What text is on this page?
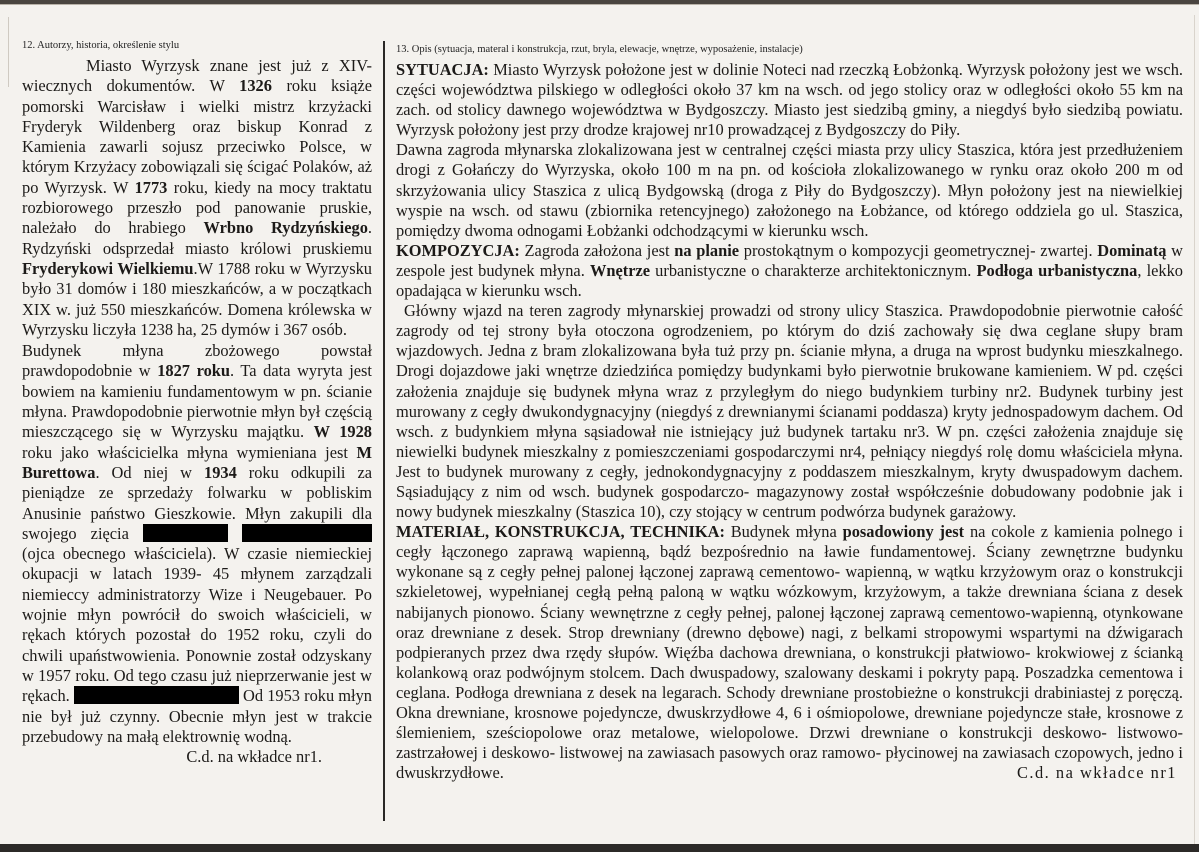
12. Autorzy, historia, określenie stylu

Miasto Wyrzysk znane jest już z XIV-wiecznych dokumentów. W 1326 roku książe pomorski Warcisław i wielki mistrz krzyżacki Fryderyk Wildenberg oraz biskup Konrad z Kamienia zawarli sojusz przeciwko Polsce, w którym Krzyżacy zobowiązali się ścigać Polaków, aż po Wyrzysk. W 1773 roku, kiedy na mocy traktatu rozbiorowego przeszło pod panowanie pruskie, należało do hrabiego Wrbno Rydzyńskiego. Rydzyński odsprzedał miasto królowi pruskiemu Fryderykowi Wielkiemu.W 1788 roku w Wyrzysku było 31 domów i 180 mieszkańców, a w początkach XIX w. już 550 mieszkańców. Domena królewska w Wyrzysku liczyła 1238 ha, 25 dymów i 367 osób.

Budynek młyna zbożowego powstał prawdopodobnie w 1827 roku. Ta data wyryta jest bowiem na kamieniu fundamentowym w pn. ścianie młyna. Prawdopodobnie pierwotnie młyn był częścią mieszczącego się w Wyrzysku majątku. W 1928 roku jako właścicielka młyna wymieniana jest M Burettowa. Od niej w 1934 roku odkupili za pieniądze ze sprzedaży folwarku w pobliskim Anusinie państwo Gieszkowie. Młyn zakupili dla swojego zięcia   (ojca obecnego właściciela). W czasie niemieckiej okupacji w latach 1939- 45 młynem zarządzali niemieccy administratorzy Wize i Neugebauer. Po wojnie młyn powrócił do swoich właścicieli, w rękach których pozostał do 1952 roku, czyli do chwili upaństwowienia. Ponownie został odzyskany w 1957 roku. Od tego czasu już nieprzerwanie jest w rękach.	Od 1953 roku młyn nie był już czynny. Obecnie młyn jest w trakcie przebudowy na małą elektrownię wodną.

C.d. na wkładce nr1.

13. Opis (sytuacja, materal i konstrukcja, rzut, bryla, elewacje, wnętrze, wyposażenie, instalacje)

SYTUACJA: Miasto Wyrzysk położone jest w dolinie Noteci nad rzeczką Łobżonką. Wyrzysk położony jest we wsch. części województwa pilskiego w odległości około 37 km na wsch. od jego stolicy oraz w odległości około 55 km na zach. od stolicy dawnego województwa w Bydgoszczy. Miasto jest siedzibą gminy, a niegdyś było siedzibą powiatu. Wyrzysk położony jest przy drodze krajowej nr10 prowadzącej z Bydgoszczy do Piły.

Dawna zagroda młynarska zlokalizowana jest w centralnej części miasta przy ulicy Staszica, która jest przedłużeniem drogi z Gołańczy do Wyrzyska, około 100 m na pn. od kościoła zlokalizowanego w rynku oraz około 200 m od skrzyżowania ulicy Staszica z ulicą Bydgowską (droga z Piły do Bydgoszczy). Młyn położony jest na niewielkiej wyspie na wsch. od stawu (zbiornika retencyjnego) założonego na Łobżance, od którego oddziela go ul. Staszica, pomiędzy dwoma odnogami Łobżanki odchodzącymi w kierunku wsch.

KOMPOZYCJA: Zagroda założona jest na planie prostokątnym o kompozycji geometrycznej- zwartej. Dominatą w zespole jest budynek młyna. Wnętrze urbanistyczne o charakterze architektonicznym. Podłoga urbanistyczna, lekko opadająca w kierunku wsch.

Główny wjazd na teren zagrody młynarskiej prowadzi od strony ulicy Staszica. Prawdopodobnie pierwotnie całość zagrody od tej strony była otoczona ogrodzeniem, po którym do dziś zachowały się dwa ceglane słupy bram wjazdowych. Jedna z bram zlokalizowana była tuż przy pn. ścianie młyna, a druga na wprost budynku mieszkalnego. Drogi dojazdowe jaki wnętrze dziedzińca pomiędzy budynkami było pierwotnie brukowane kamieniem. W pd. części założenia znajduje się budynek młyna wraz z przyległym do niego budynkiem turbiny nr2. Budynek turbiny jest murowany z cegły dwukondygnacyjny (niegdyś z drewnianymi ścianami poddasza) kryty jednospadowym dachem. Od wsch. z budynkiem młyna sąsiadował nie istniejący już budynek tartaku nr3. W pn. części założenia znajduje się niewielki budynek mieszkalny z pomieszczeniami gospodarczymi nr4, pełniący niegdyś rolę domu właściciela młyna. Jest to budynek murowany z cegły, jednokondygnacyjny z poddaszem mieszkalnym, kryty dwuspadowym dachem. Sąsiadujący z nim od wsch. budynek gospodarczo- magazynowy został współcześnie dobudowany podobnie jak i nowy budynek mieszkalny (Staszica 10), czy stojący w centrum podwórza budynek garażowy.

MATERIAŁ, KONSTRUKCJA, TECHNIKA: Budynek młyna posadowiony jest na cokole z kamienia polnego i cegły łączonego zaprawą wapienną, bądź bezpośrednio na ławie fundamentowej. Ściany zewnętrzne budynku wykonane są z cegły pełnej palonej łączonej zaprawą cementowo- wapienną, w wątku krzyżowym oraz o konstrukcji szkieletowej, wypełnianej cegłą pełną paloną w wątku wózkowym, krzyżowym, a także drewniana ściana z desek nabijanych pionowo. Ściany wewnętrzne z cegły pełnej, palonej łączonej zaprawą cementowo-wapienną, otynkowane oraz drewniane z desek. Strop drewniany (drewno dębowe) nagi, z belkami stropowymi wspartymi na dźwigarach podpieranych przez dwa rzędy słupów. Więźba dachowa drewniana, o konstrukcji płatwiowo- krokwiowej z ścianką kolankową oraz podwójnym stolcem. Dach dwuspadowy, szalowany deskami i pokryty papą. Poszadzka cementowa i ceglana. Podłoga drewniana z desek na legarach. Schody drewniane prostobieżne o konstrukcji drabiniastej z poręczą. Okna drewniane, krosnowe pojedyncze, dwuskrzydłowe 4, 6 i ośmiopolowe, drewniane pojedyncze stałe, krosnowe z ślemieniem, sześciopolowe oraz metalowe, wielopolowe. Drzwi drewniane o konstrukcji deskowo- listwowo- zastrzałowej i deskowo- listwowej na zawiasach pasowych oraz ramowo- płycinowej na zawiasach czopowych, jedno i dwuskrzydłowe.	C.d. na wkładce nr1
